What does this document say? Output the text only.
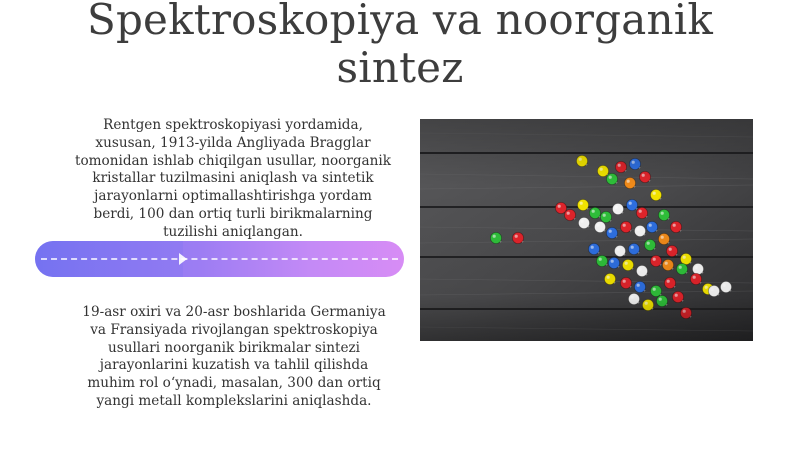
Spektroskopiya va noorganik sintez

Rentgen spektroskopiyasi yordamida, xususan, 1913-yilda Angliyada Bragglar tomonidan ishlab chiqilgan usullar, noorganik kristallar tuzilmasini aniqlash va sintetik jarayonlarni optimallashtirishga yordam berdi, 100 dan ortiq turli birikmalarning tuzilishi aniqlangan.

19-asr oxiri va 20-asr boshlarida Germaniya va Fransiyada rivojlangan spektroskopiya usullari noorganik birikmalar sintezi jarayonlarini kuzatish va tahlil qilishda muhim rol o‘ynadi, masalan, 300 dan ortiq yangi metall komplekslarini aniqlashda.
